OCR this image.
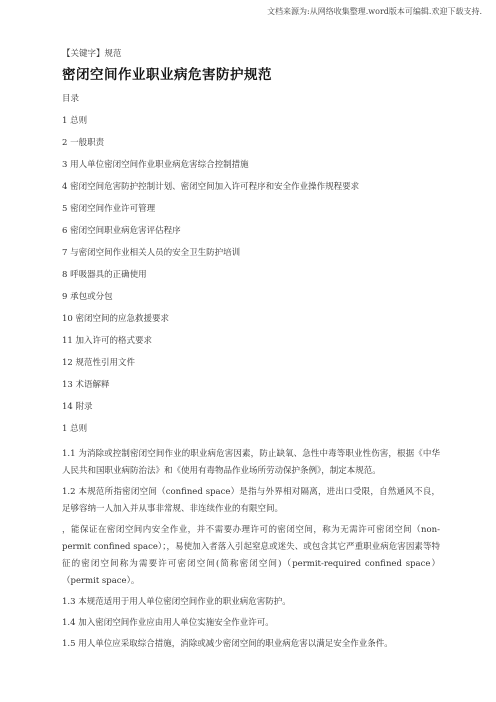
文档来源为:从网络收集整理.word版本可编辑.欢迎下载支持.

【关键字】规范

密闭空间作业职业病危害防护规范

目录

1 总则

2 一般职责

3 用人单位密闭空间作业职业病危害综合控制措施

4 密闭空间危害防护控制计划、密闭空间加入许可程序和安全作业操作规程要求

5 密闭空间作业许可管理

6 密闭空间职业病危害评估程序

7 与密闭空间作业相关人员的安全卫生防护培训

8 呼吸器具的正确使用

9 承包或分包

10 密闭空间的应急救援要求

11 加入许可的格式要求

12 规范性引用文件

13 术语解释

14 附录

1 总则

1.1 为消除或控制密闭空间作业的职业病危害因素，防止缺氧、急性中毒等职业性伤害，根据《中华人民共和国职业病防治法》和《使用有毒物品作业场所劳动保护条例》，制定本规范。

1.2 本规范所指密闭空间（confined space）是指与外界相对隔离，进出口受限，自然通风不良，足够容纳一人加入并从事非常规、非连续作业的有限空间。

，能保证在密闭空间内安全作业，并不需要办理许可的密闭空间，称为无需许可密闭空间（non-permit confined space）；，易使加入者落入引起窒息或迷失、或包含其它严重职业病危害因素等特征的密闭空间称为需要许可密闭空间(简称密闭空间)（permit-required confined space）（permit space）。

1.3 本规范适用于用人单位密闭空间作业的职业病危害防护。

1.4 加入密闭空间作业应由用人单位实施安全作业许可。

1.5 用人单位应采取综合措施，消除或减少密闭空间的职业病危害以满足安全作业条件。
